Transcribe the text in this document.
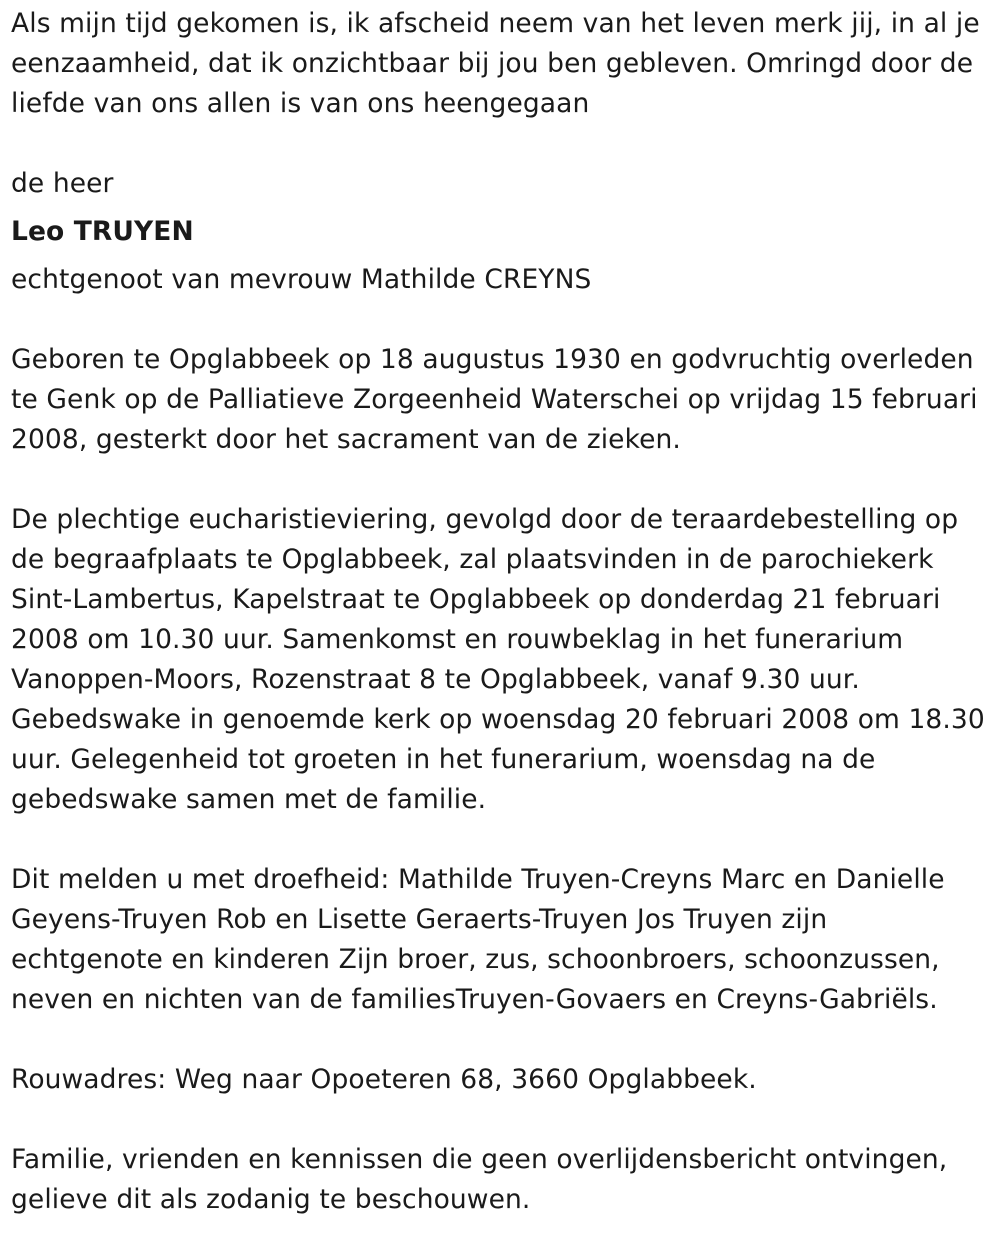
Als mijn tijd gekomen is, ik afscheid neem van het leven merk jij, in al je eenzaamheid, dat ik onzichtbaar bij jou ben gebleven. Omringd door de liefde van ons allen is van ons heengegaan

de heer

Leo TRUYEN

echtgenoot van mevrouw Mathilde CREYNS

Geboren te Opglabbeek op 18 augustus 1930 en godvruchtig overleden te Genk op de Palliatieve Zorgeenheid Waterschei op vrijdag 15 februari 2008, gesterkt door het sacrament van de zieken.

De plechtige eucharistieviering, gevolgd door de teraardebestelling op de begraafplaats te Opglabbeek, zal plaatsvinden in de parochiekerk Sint-Lambertus, Kapelstraat te Opglabbeek op donderdag 21 februari 2008 om 10.30 uur. Samenkomst en rouwbeklag in het funerarium Vanoppen-Moors, Rozenstraat 8 te Opglabbeek, vanaf 9.30 uur. Gebedswake in genoemde kerk op woensdag 20 februari 2008 om 18.30 uur. Gelegenheid tot groeten in het funerarium, woensdag na de gebedswake samen met de familie.

Dit melden u met droefheid: Mathilde Truyen-Creyns Marc en Danielle Geyens-Truyen Rob en Lisette Geraerts-Truyen Jos Truyen zijn echtgenote en kinderen Zijn broer, zus, schoonbroers, schoonzussen, neven en nichten van de familiesTruyen-Govaers en Creyns-Gabriëls.

Rouwadres: Weg naar Opoeteren 68, 3660 Opglabbeek.

Familie, vrienden en kennissen die geen overlijdensbericht ontvingen, gelieve dit als zodanig te beschouwen.
